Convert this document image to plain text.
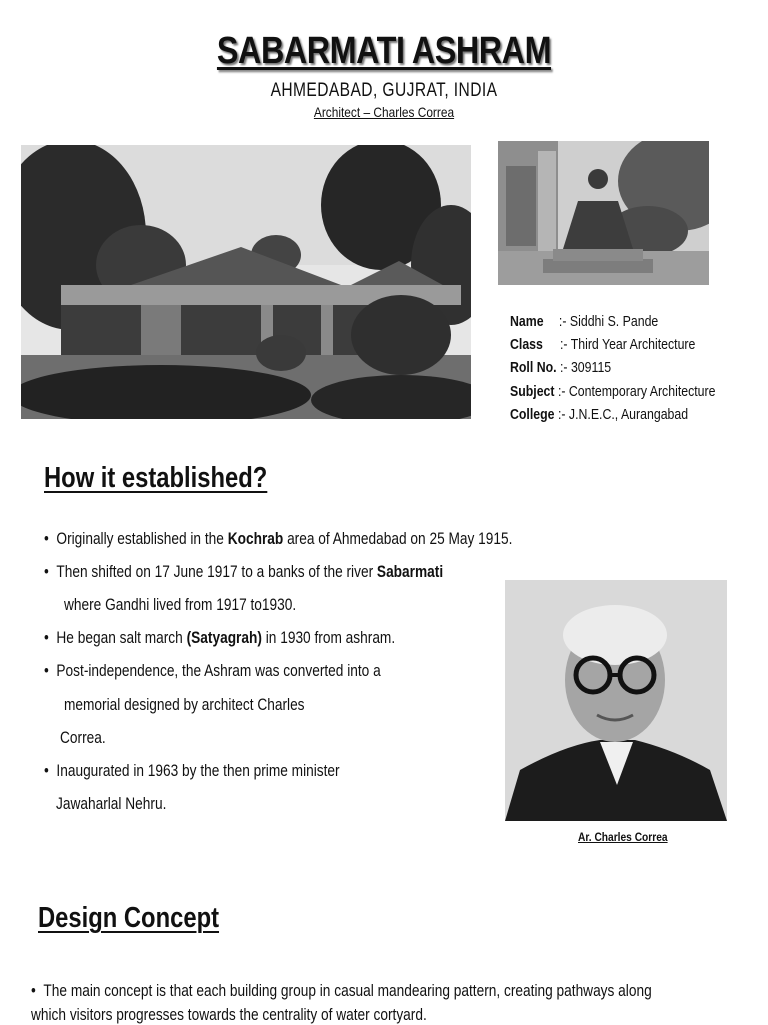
SABARMATI ASHRAM
AHMEDABAD, GUJRAT, INDIA
Architect – Charles Correa
Name :- Siddhi S. Pande
Class :- Third Year Architecture
Roll No. :- 309115
Subject :- Contemporary Architecture
College :- J.N.E.C., Aurangabad
How it established?
•  Originally established in the Kochrab area of Ahmedabad on 25 May 1915.
•  Then shifted on 17 June 1917 to a banks of the river Sabarmati
where Gandhi lived from 1917 to1930.
•  He began salt march (Satyagrah) in 1930 from ashram.
•  Post-independence, the Ashram was converted into a
memorial designed by architect Charles
Correa.
•  Inaugurated in 1963 by the then prime minister
Jawaharlal Nehru.
Ar. Charles Correa
Design Concept
•  The main concept is that each building group in casual mandearing pattern, creating pathways along
which visitors progresses towards the centrality of water cortyard.
